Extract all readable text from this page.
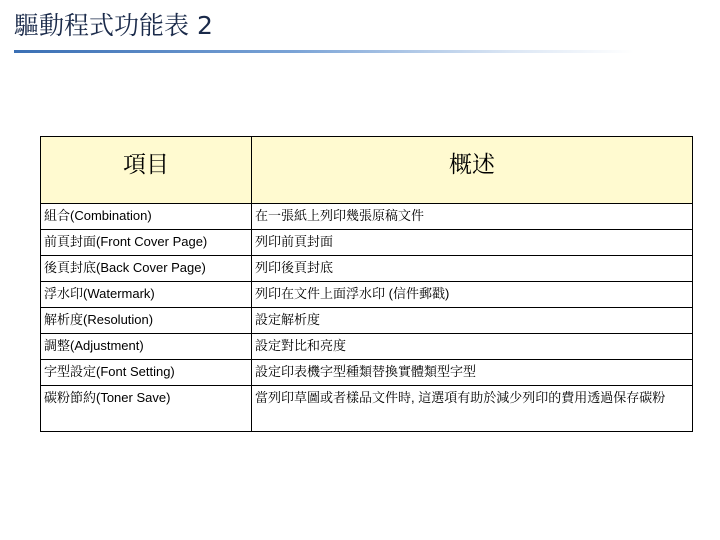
驅動程式功能表 2
項目	概述
組合(Combination)	在一張紙上列印幾張原稿文件
前頁封面(Front Cover Page)	列印前頁封面
後頁封底(Back Cover Page)	列印後頁封底
浮水印(Watermark)	列印在文件上面浮水印 (信件郵戳)
解析度(Resolution)	設定解析度
調整(Adjustment)	設定對比和亮度
字型設定(Font Setting)	設定印表機字型種類替換實體類型字型
碳粉節約(Toner Save)	當列印草圖或者樣品文件時, 這選項有助於減少列印的費用透過保存碳粉
